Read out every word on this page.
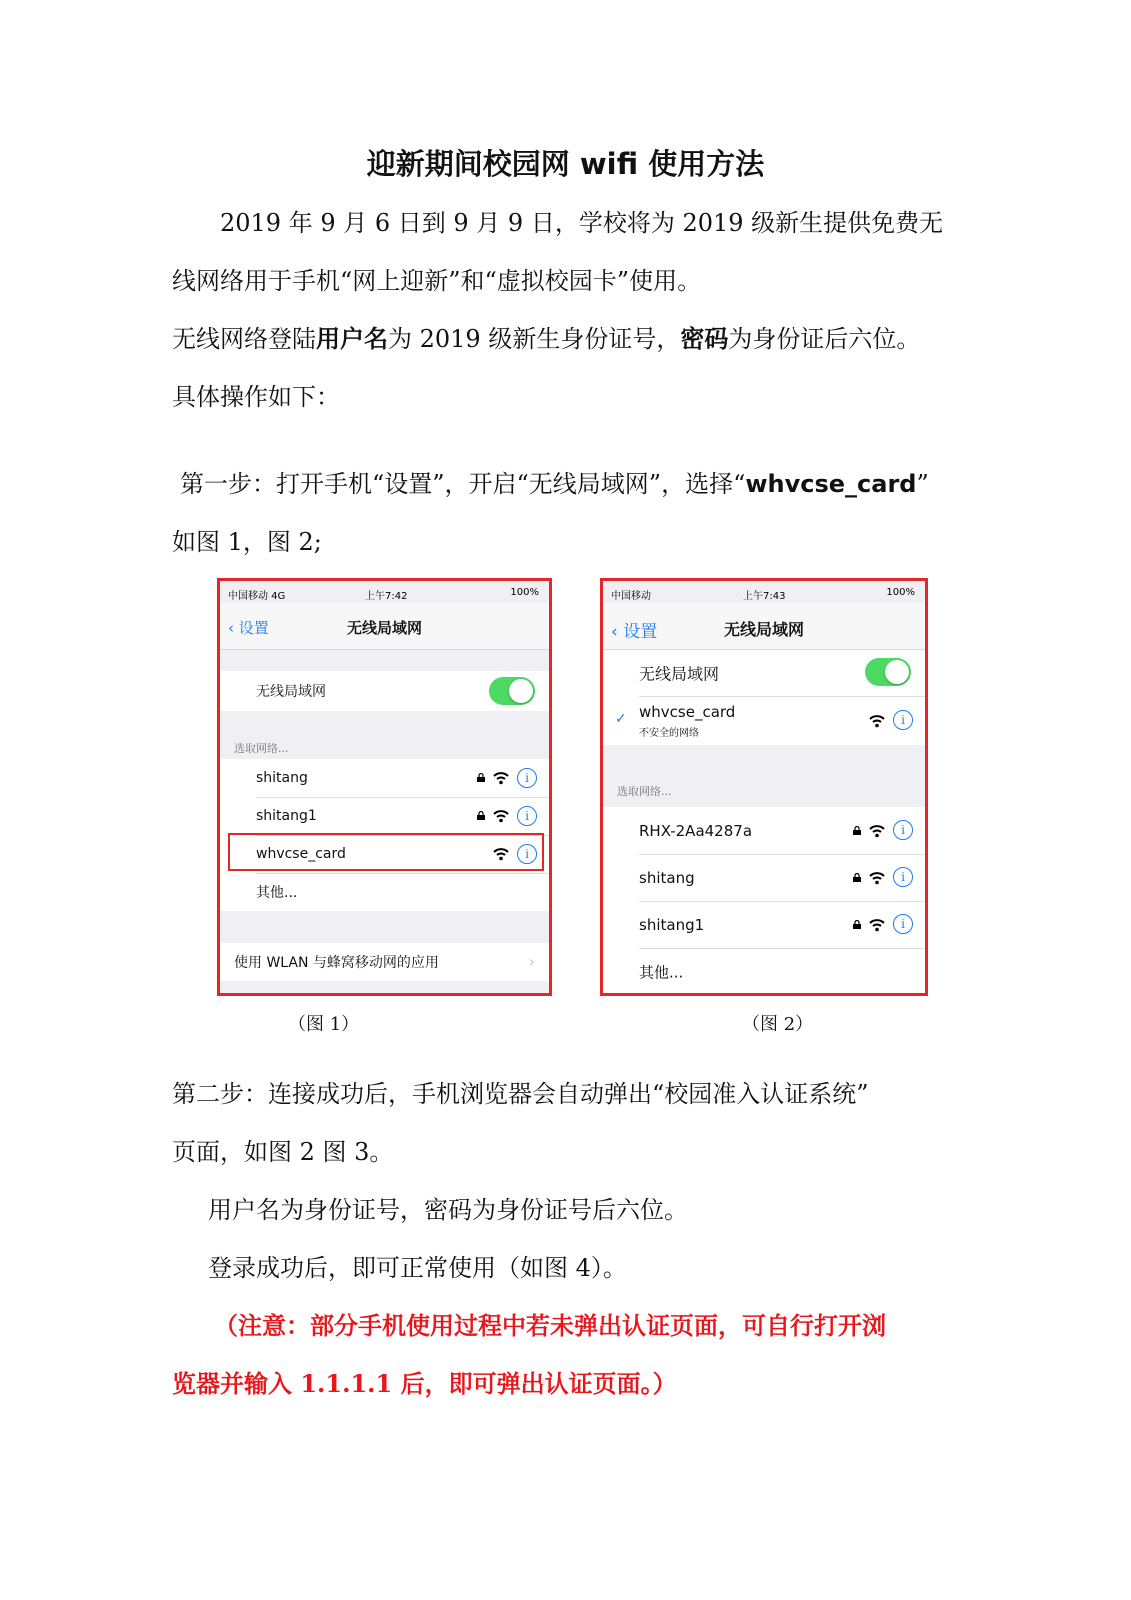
迎新期间校园网 wifi 使用方法
2019 年 9 月 6 日到 9 月 9 日，学校将为 2019 级新生提供免费无
线网络用于手机“网上迎新”和“虚拟校园卡”使用。
无线网络登陆用户名为 2019 级新生身份证号，密码为身份证后六位。
具体操作如下：
第一步：打开手机“设置”，开启“无线局域网”，选择“whvcse_card”
如图 1，图 2;
中国移动 4G	上午7:42	100%
‹ 设置	无线局域网
无线局域网
选取网络...
shitang	i
shitang1	i
whvcse_card	i
其他...
使用 WLAN 与蜂窝移动网的应用	›
（图 1）
中国移动	上午7:43	100%
‹ 设置	无线局域网
无线局域网
✓ whvcse_card
不安全的网络
i
选取网络...
RHX-2Aa4287a	i
shitang	i
shitang1	i
其他...
（图 2）
第二步：连接成功后，手机浏览器会自动弹出“校园准入认证系统”
页面，如图 2 图 3。
用户名为身份证号，密码为身份证号后六位。
登录成功后，即可正常使用（如图 4）。
（注意：部分手机使用过程中若未弹出认证页面，可自行打开浏
览器并输入 1.1.1.1 后，即可弹出认证页面。）
